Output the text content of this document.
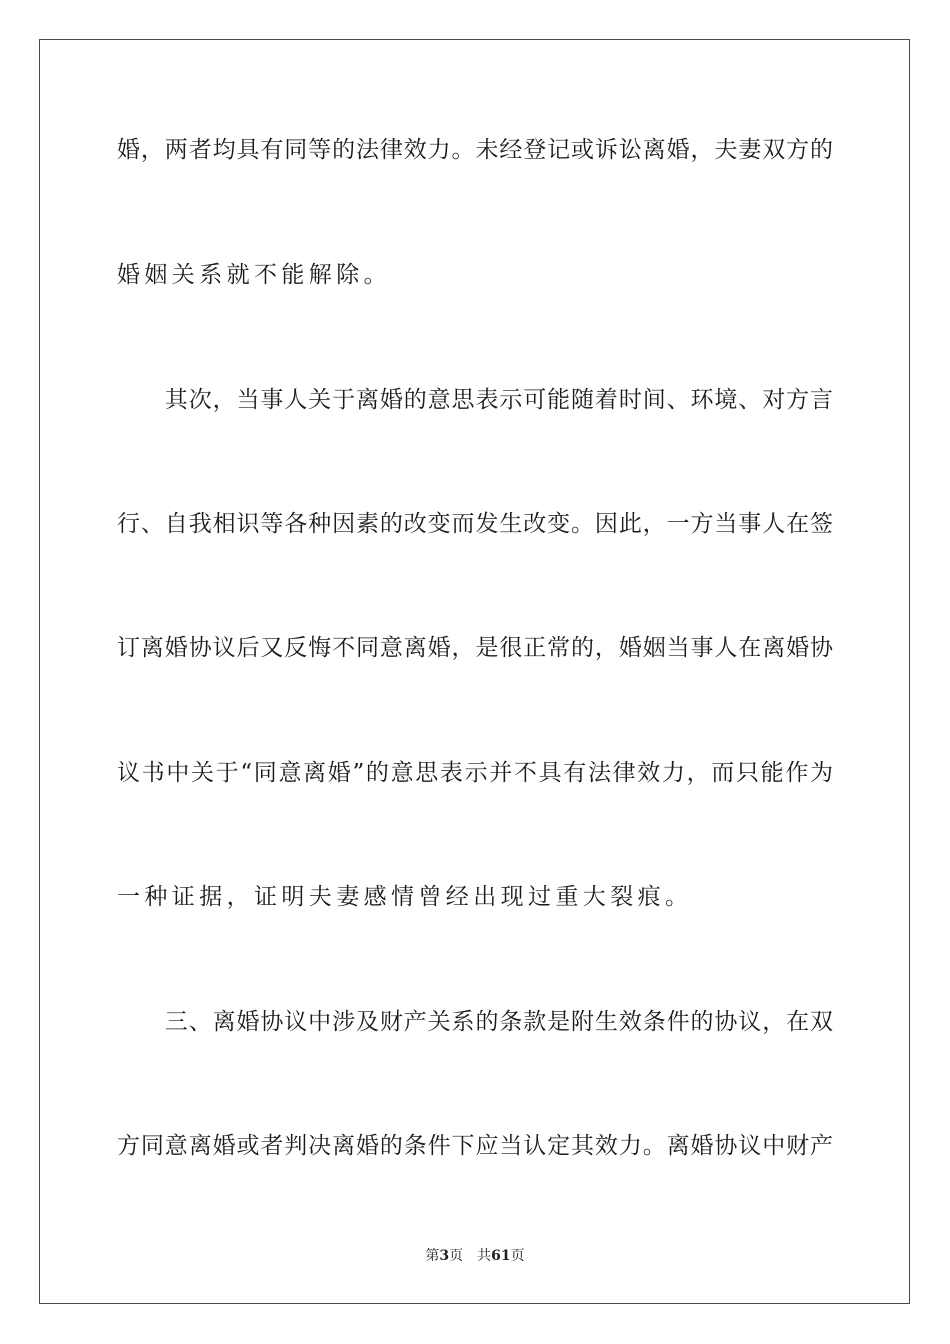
婚，两者均具有同等的法律效力。未经登记或诉讼离婚，夫妻双方的
婚姻关系就不能解除。
　　其次，当事人关于离婚的意思表示可能随着时间、环境、对方言
行、自我相识等各种因素的改变而发生改变。因此，一方当事人在签
订离婚协议后又反悔不同意离婚，是很正常的，婚姻当事人在离婚协
议书中关于“同意离婚”的意思表示并不具有法律效力，而只能作为
一种证据，证明夫妻感情曾经出现过重大裂痕。
　　三、离婚协议中涉及财产关系的条款是附生效条件的协议，在双
方同意离婚或者判决离婚的条件下应当认定其效力。离婚协议中财产
第3页 共61页
